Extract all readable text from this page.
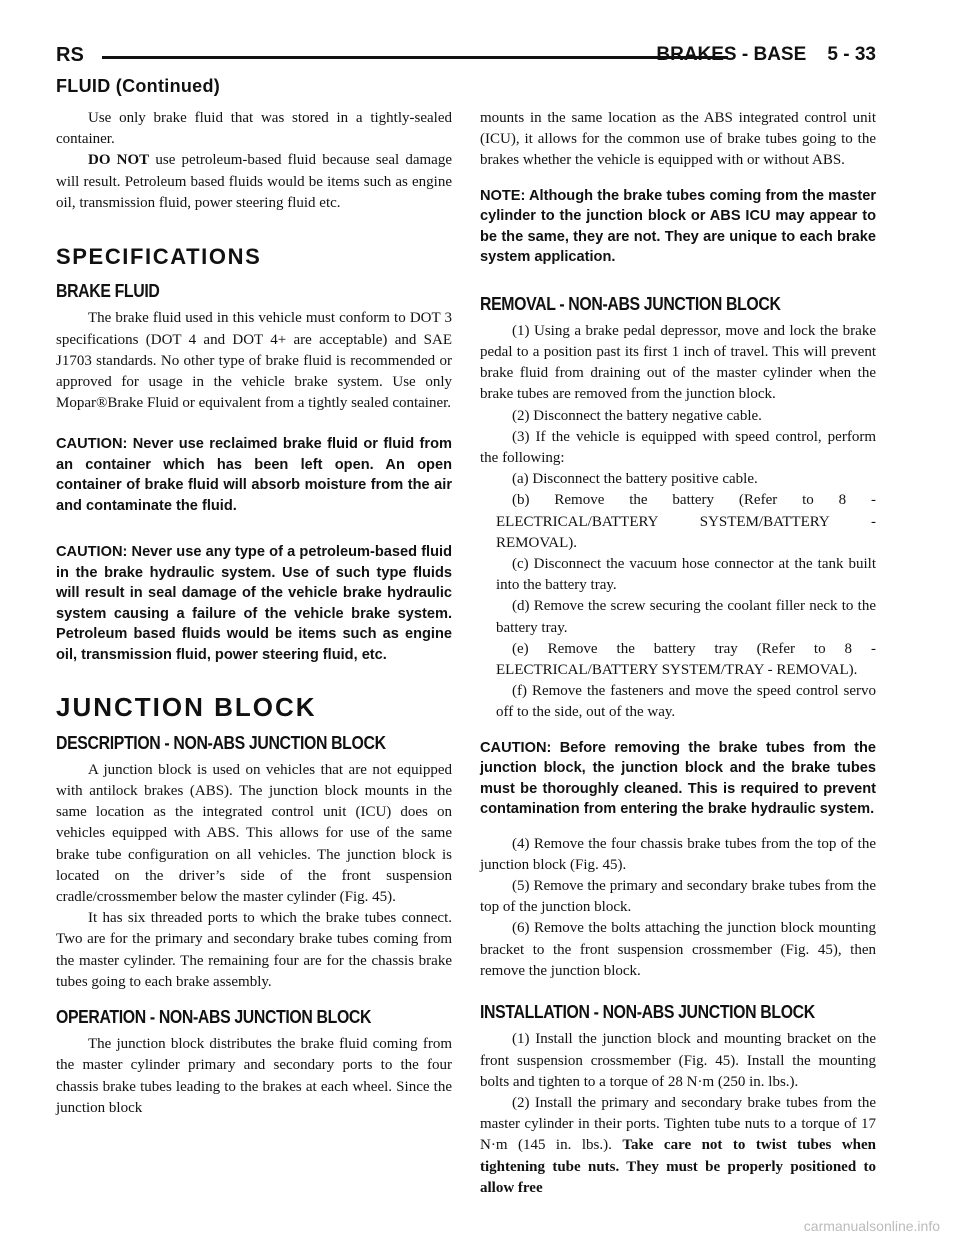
RS	BRAKES - BASE 5 - 33
FLUID (Continued)

Use only brake fluid that was stored in a tightly-sealed container.

DO NOT use petroleum-based fluid because seal damage will result. Petroleum based fluids would be items such as engine oil, transmission fluid, power steering fluid etc.

SPECIFICATIONS
BRAKE FLUID

The brake fluid used in this vehicle must conform to DOT 3 specifications (DOT 4 and DOT 4+ are acceptable) and SAE J1703 standards. No other type of brake fluid is recommended or approved for usage in the vehicle brake system. Use only Mopar®Brake Fluid or equivalent from a tightly sealed container.

CAUTION: Never use reclaimed brake fluid or fluid from an container which has been left open. An open container of brake fluid will absorb moisture from the air and contaminate the fluid.

CAUTION: Never use any type of a petroleum-based fluid in the brake hydraulic system. Use of such type fluids will result in seal damage of the vehicle brake hydraulic system causing a failure of the vehicle brake system. Petroleum based fluids would be items such as engine oil, transmission fluid, power steering fluid, etc.

JUNCTION BLOCK
DESCRIPTION - NON-ABS JUNCTION BLOCK

A junction block is used on vehicles that are not equipped with antilock brakes (ABS). The junction block mounts in the same location as the integrated control unit (ICU) does on vehicles equipped with ABS. This allows for use of the same brake tube configuration on all vehicles. The junction block is located on the driver’s side of the front suspension cradle/crossmember below the master cylinder (Fig. 45).

It has six threaded ports to which the brake tubes connect. Two are for the primary and secondary brake tubes coming from the master cylinder. The remaining four are for the chassis brake tubes going to each brake assembly.

OPERATION - NON-ABS JUNCTION BLOCK

The junction block distributes the brake fluid coming from the master cylinder primary and secondary ports to the four chassis brake tubes leading to the brakes at each wheel. Since the junction block

mounts in the same location as the ABS integrated control unit (ICU), it allows for the common use of brake tubes going to the brakes whether the vehicle is equipped with or without ABS.

NOTE: Although the brake tubes coming from the master cylinder to the junction block or ABS ICU may appear to be the same, they are not. They are unique to each brake system application.

REMOVAL - NON-ABS JUNCTION BLOCK

(1) Using a brake pedal depressor, move and lock the brake pedal to a position past its first 1 inch of travel. This will prevent brake fluid from draining out of the master cylinder when the brake tubes are removed from the junction block.

(2) Disconnect the battery negative cable.

(3) If the vehicle is equipped with speed control, perform the following:

(a) Disconnect the battery positive cable.

(b) Remove the battery (Refer to 8 - ELECTRICAL/BATTERY SYSTEM/BATTERY - REMOVAL).

(c) Disconnect the vacuum hose connector at the tank built into the battery tray.

(d) Remove the screw securing the coolant filler neck to the battery tray.

(e) Remove the battery tray (Refer to 8 - ELECTRICAL/BATTERY SYSTEM/TRAY - REMOVAL).

(f) Remove the fasteners and move the speed control servo off to the side, out of the way.

CAUTION: Before removing the brake tubes from the junction block, the junction block and the brake tubes must be thoroughly cleaned. This is required to prevent contamination from entering the brake hydraulic system.

(4) Remove the four chassis brake tubes from the top of the junction block (Fig. 45).

(5) Remove the primary and secondary brake tubes from the top of the junction block.

(6) Remove the bolts attaching the junction block mounting bracket to the front suspension crossmember (Fig. 45), then remove the junction block.

INSTALLATION - NON-ABS JUNCTION BLOCK

(1) Install the junction block and mounting bracket on the front suspension crossmember (Fig. 45). Install the mounting bolts and tighten to a torque of 28 N·m (250 in. lbs.).

(2) Install the primary and secondary brake tubes from the master cylinder in their ports. Tighten tube nuts to a torque of 17 N·m (145 in. lbs.). Take care not to twist tubes when tightening tube nuts. They must be properly positioned to allow free

carmanualsonline.info
